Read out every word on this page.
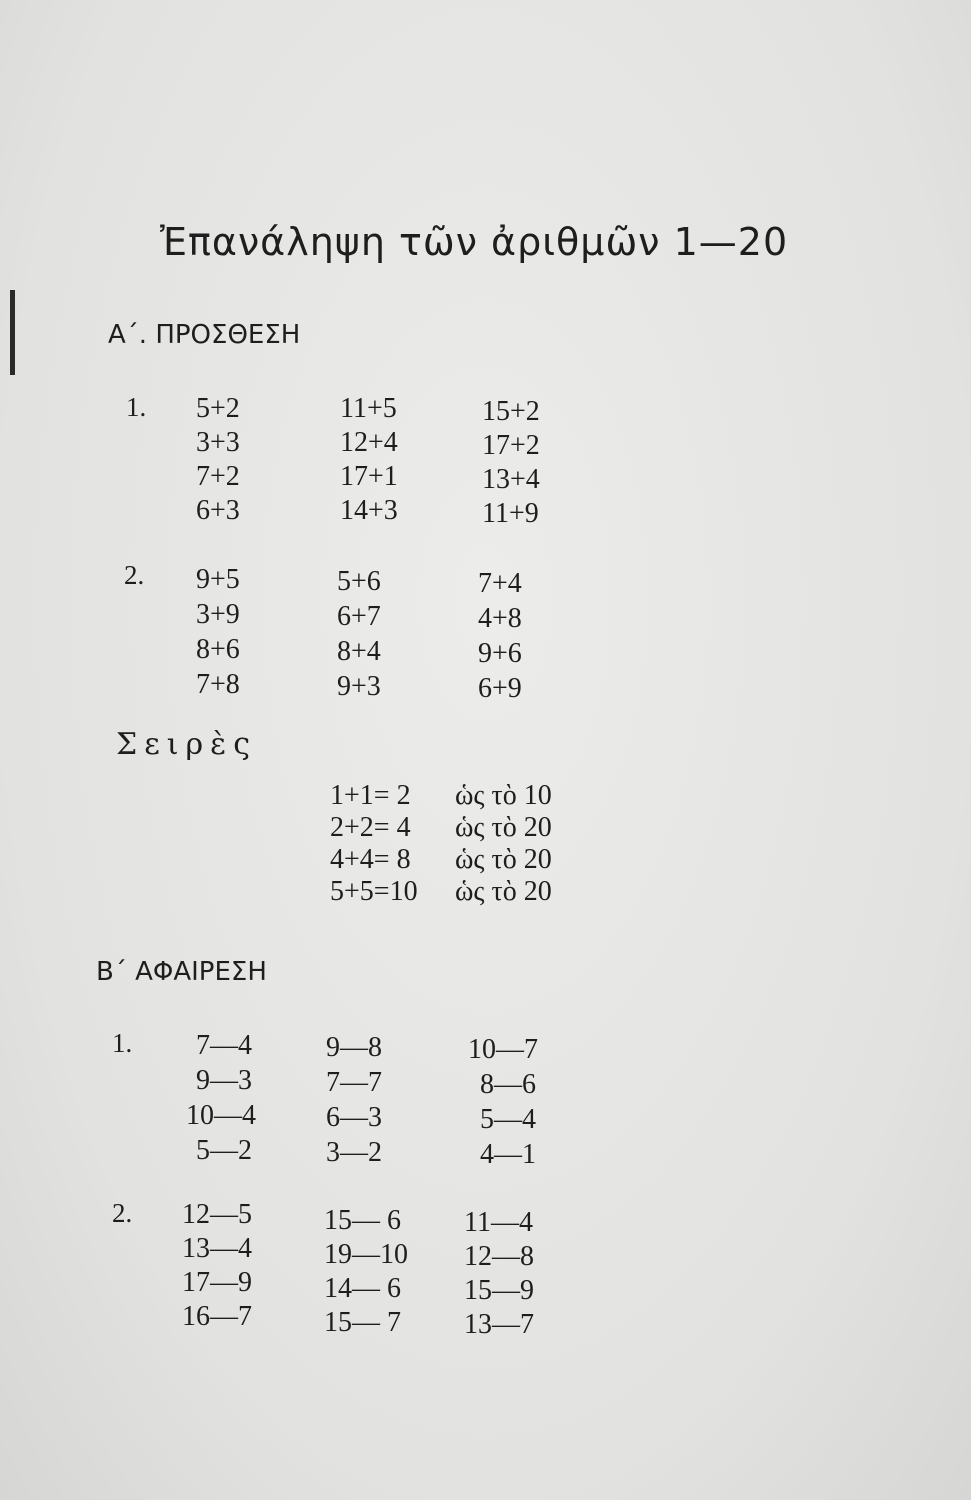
Ἐπανάληψη τῶν ἀριθμῶν 1—20
Α΄. ΠΡΟΣΘΕΣΗ
1. 5+2
3+3
7+2
6+3
11+5
12+4
17+1
14+3
15+2
17+2
13+4
11+9
2. 9+5
3+9
8+6
7+8
5+6
6+7
8+4
9+3
7+4
4+8
9+6
6+9
Σειρὲς
1+1= 2 ὡς τὸ 10
2+2= 4 ὡς τὸ 20
4+4= 8 ὡς τὸ 20
5+5=10 ὡς τὸ 20
Β΄ ΑΦΑΙΡΕΣΗ
1.	7—4
9—3
10—4
5—2
9—8
7—7
6—3
3—2
10—7
8—6
5—4
4—1
2. 12—5
13—4
17—9
16—7
15— 6
19—10
14— 6
15— 7
11—4
12—8
15—9
13—7
